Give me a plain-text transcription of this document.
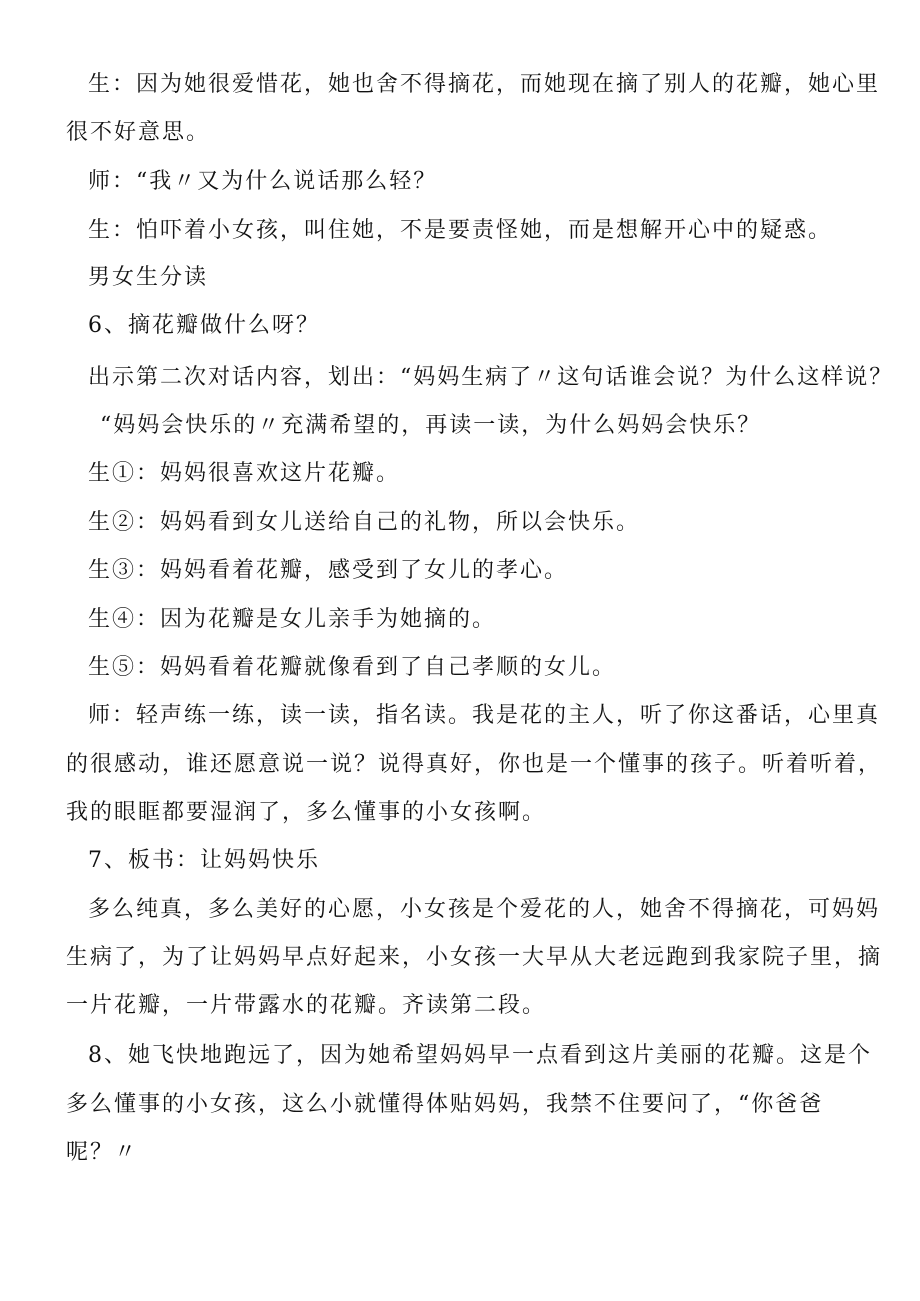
生：因为她很爱惜花，她也舍不得摘花，而她现在摘了别人的花瓣，她心里
很不好意思。
师：“我〃又为什么说话那么轻？
生：怕吓着小女孩，叫住她，不是要责怪她，而是想解开心中的疑惑。
男女生分读
6、摘花瓣做什么呀？
出示第二次对话内容，划出：“妈妈生病了〃这句话谁会说？为什么这样说？
“妈妈会快乐的〃充满希望的，再读一读，为什么妈妈会快乐？
生①：妈妈很喜欢这片花瓣。
生②：妈妈看到女儿送给自己的礼物，所以会快乐。
生③：妈妈看着花瓣，感受到了女儿的孝心。
生④：因为花瓣是女儿亲手为她摘的。
生⑤：妈妈看着花瓣就像看到了自己孝顺的女儿。
师：轻声练一练，读一读，指名读。我是花的主人，听了你这番话，心里真
的很感动，谁还愿意说一说？说得真好，你也是一个懂事的孩子。听着听着，
我的眼眶都要湿润了，多么懂事的小女孩啊。
7、板书：让妈妈快乐
多么纯真，多么美好的心愿，小女孩是个爱花的人，她舍不得摘花，可妈妈
生病了，为了让妈妈早点好起来，小女孩一大早从大老远跑到我家院子里，摘
一片花瓣，一片带露水的花瓣。齐读第二段。
8、她飞快地跑远了，因为她希望妈妈早一点看到这片美丽的花瓣。这是个
多么懂事的小女孩，这么小就懂得体贴妈妈，我禁不住要问了，“你爸爸
呢？〃
